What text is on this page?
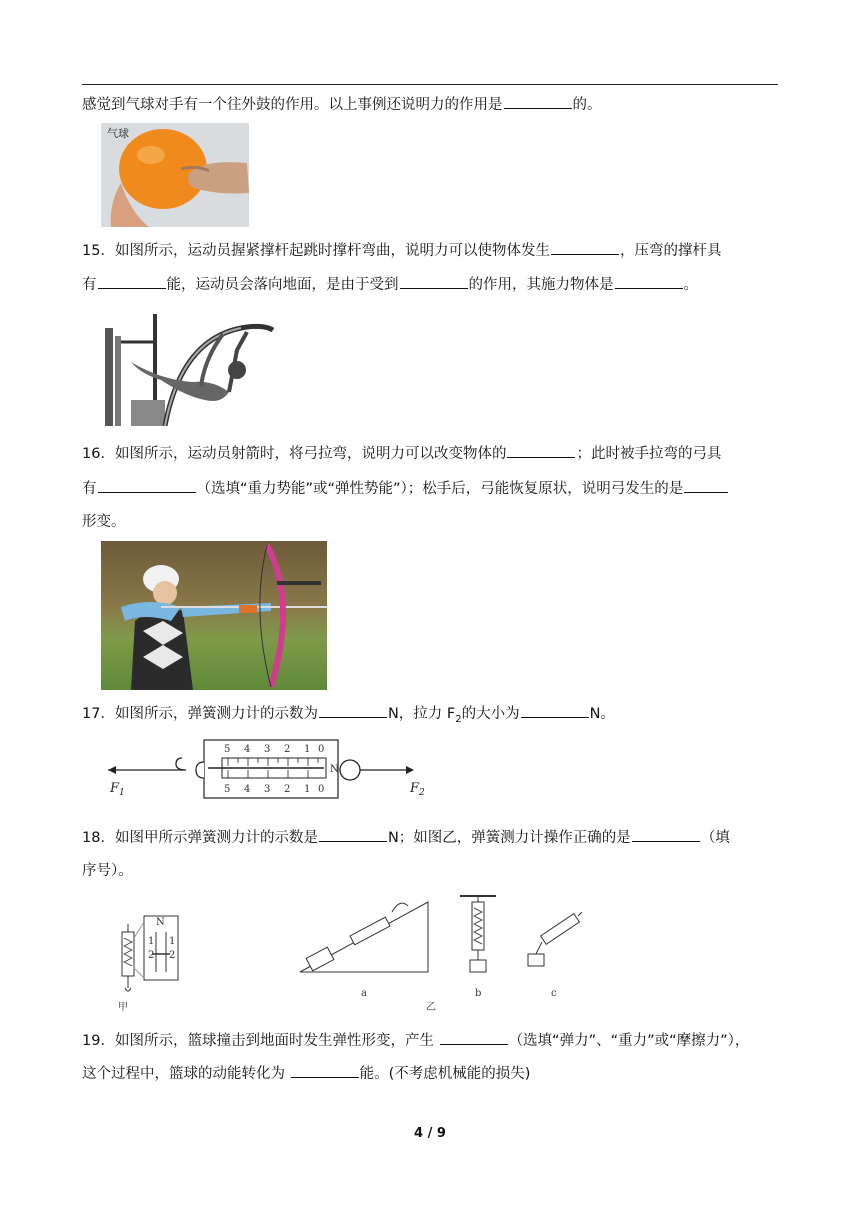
感觉到气球对手有一个往外鼓的作用。以上事例还说明力的作用是	的。
气球
15．如图所示，运动员握紧撑杆起跳时撑杆弯曲，说明力可以使物体发生	，压弯的撑杆具
有	能，运动员会落向地面，是由于受到	的作用，其施力物体是	。
16．如图所示，运动员射箭时，将弓拉弯，说明力可以改变物体的	；此时被手拉弯的弓具
有	（选填“重力势能”或“弹性势能”）；松手后，弓能恢复原状，说明弓发生的是
形变。
17．如图所示，弹簧测力计的示数为	N，拉力 $F_2$的大小为	N。
5 4 3 2 1 0
5 4 3 2 1 0
N
$F_1$	$F_2$
18．如图甲所示弹簧测力计的示数是	N；如图乙，弹簧测力计操作正确的是	（填
序号）。
N
1
2
1
2
甲
a
乙
b	c
19．如图所示，篮球撞击到地面时发生弹性形变，产生	（选填“弹力”、“重力”或“摩擦力”），
这个过程中，篮球的动能转化为	能。(不考虑机械能的损失)
4 / 9
